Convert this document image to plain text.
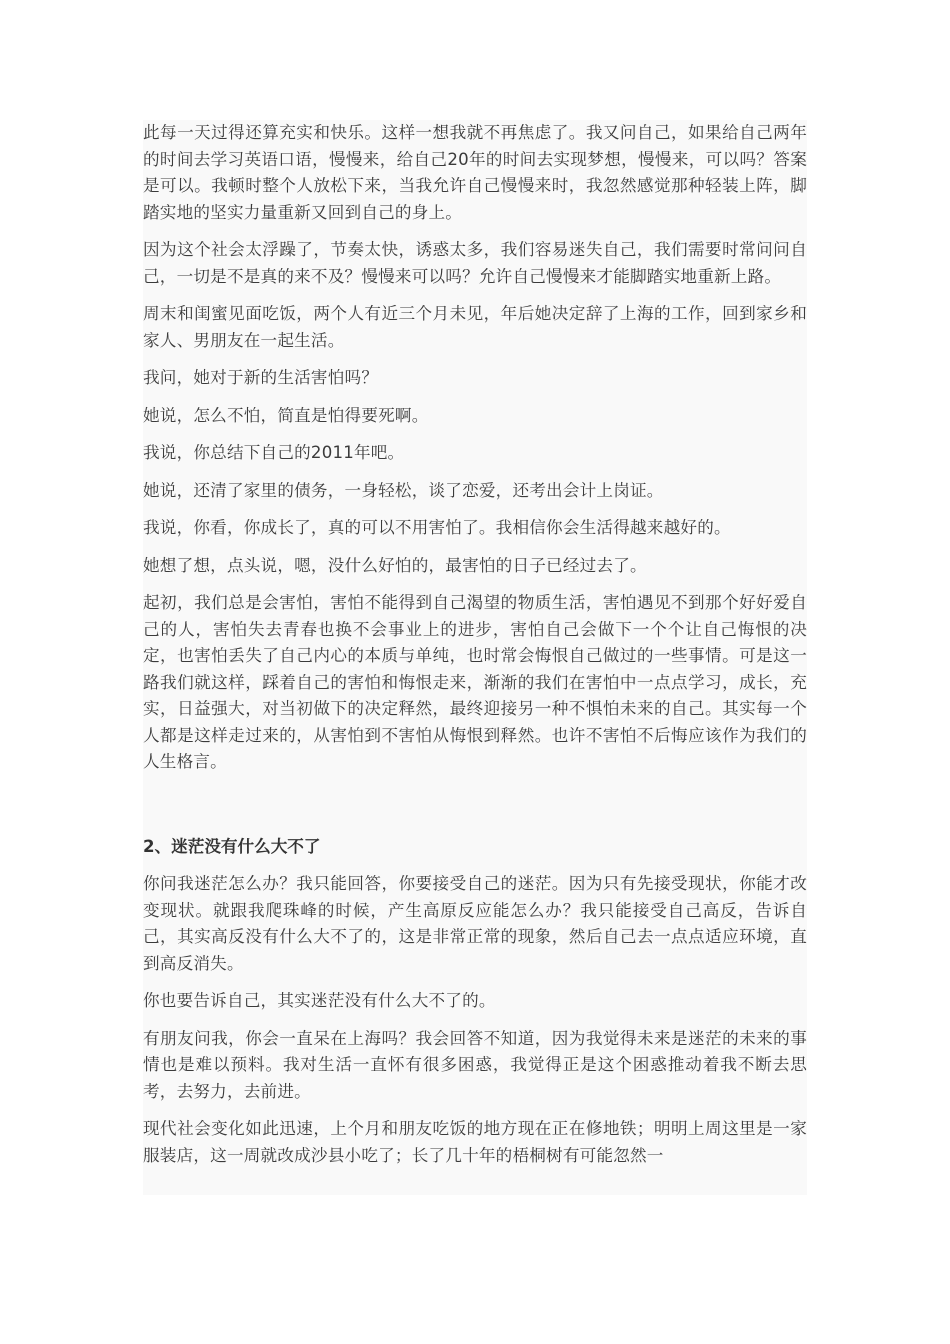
此每一天过得还算充实和快乐。这样一想我就不再焦虑了。我又问自己，如果给自己两年的时间去学习英语口语，慢慢来，给自己20年的时间去实现梦想，慢慢来，可以吗？答案是可以。我顿时整个人放松下来，当我允许自己慢慢来时，我忽然感觉那种轻装上阵，脚踏实地的坚实力量重新又回到自己的身上。

因为这个社会太浮躁了，节奏太快，诱惑太多，我们容易迷失自己，我们需要时常问问自己，一切是不是真的来不及？慢慢来可以吗？允许自己慢慢来才能脚踏实地重新上路。

周末和闺蜜见面吃饭，两个人有近三个月未见，年后她决定辞了上海的工作，回到家乡和家人、男朋友在一起生活。

我问，她对于新的生活害怕吗？

她说，怎么不怕，简直是怕得要死啊。

我说，你总结下自己的2011年吧。

她说，还清了家里的债务，一身轻松，谈了恋爱，还考出会计上岗证。

我说，你看，你成长了，真的可以不用害怕了。我相信你会生活得越来越好的。

她想了想，点头说，嗯，没什么好怕的，最害怕的日子已经过去了。

起初，我们总是会害怕，害怕不能得到自己渴望的物质生活，害怕遇见不到那个好好爱自己的人，害怕失去青春也换不会事业上的进步，害怕自己会做下一个个让自己悔恨的决定，也害怕丢失了自己内心的本质与单纯，也时常会悔恨自己做过的一些事情。可是这一路我们就这样，踩着自己的害怕和悔恨走来，渐渐的我们在害怕中一点点学习，成长，充实，日益强大，对当初做下的决定释然，最终迎接另一种不惧怕未来的自己。其实每一个人都是这样走过来的，从害怕到不害怕从悔恨到释然。也许不害怕不后悔应该作为我们的人生格言。

2、迷茫没有什么大不了

你问我迷茫怎么办？我只能回答，你要接受自己的迷茫。因为只有先接受现状，你能才改变现状。就跟我爬珠峰的时候，产生高原反应能怎么办？我只能接受自己高反，告诉自己，其实高反没有什么大不了的，这是非常正常的现象，然后自己去一点点适应环境，直到高反消失。

你也要告诉自己，其实迷茫没有什么大不了的。

有朋友问我，你会一直呆在上海吗？我会回答不知道，因为我觉得未来是迷茫的未来的事情也是难以预料。我对生活一直怀有很多困惑，我觉得正是这个困惑推动着我不断去思考，去努力，去前进。

现代社会变化如此迅速，上个月和朋友吃饭的地方现在正在修地铁；明明上周这里是一家服装店，这一周就改成沙县小吃了；长了几十年的梧桐树有可能忽然一
